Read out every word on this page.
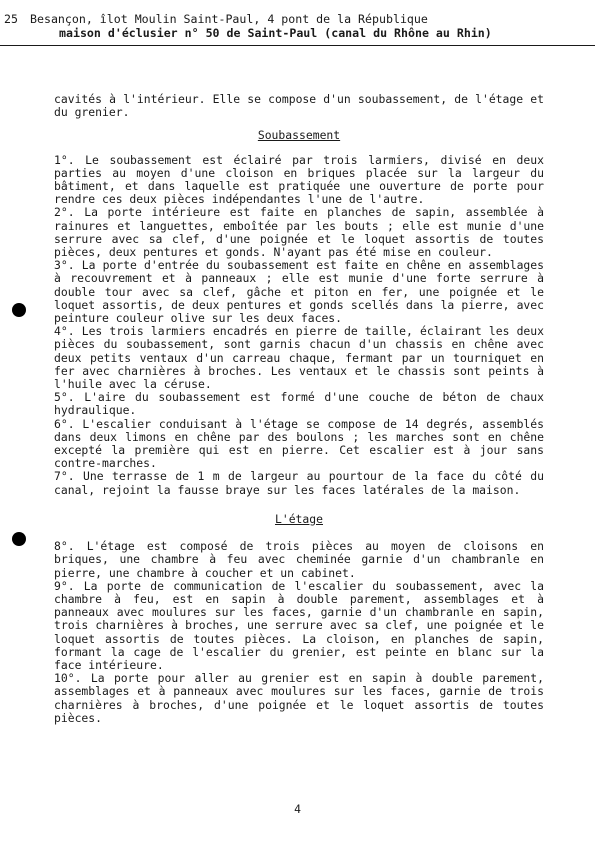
25 Besançon, îlot Moulin Saint-Paul, 4 pont de la République
maison d'éclusier n° 50 de Saint-Paul (canal du Rhône au Rhin)

cavités à l'intérieur. Elle se compose d'un soubassement, de l'étage et du grenier.

Soubassement

1°. Le soubassement est éclairé par trois larmiers, divisé en deux parties au moyen d'une cloison en briques placée sur la largeur du bâtiment, et dans laquelle est pratiquée une ouverture de porte pour rendre ces deux pièces indépendantes l'une de l'autre.

2°. La porte intérieure est faite en planches de sapin, assemblée à rainures et languettes, emboîtée par les bouts ; elle est munie d'une serrure avec sa clef, d'une poignée et le loquet assortis de toutes pièces, deux pentures et gonds. N'ayant pas été mise en couleur.

3°. La porte d'entrée du soubassement est faite en chêne en assemblages à recouvrement et à panneaux ; elle est munie d'une forte serrure à double tour avec sa clef, gâche et piton en fer, une poignée et le loquet assortis, de deux pentures et gonds scellés dans la pierre, avec peinture couleur olive sur les deux faces.

4°. Les trois larmiers encadrés en pierre de taille, éclairant les deux pièces du soubassement, sont garnis chacun d'un chassis en chêne avec deux petits ventaux d'un carreau chaque, fermant par un tourniquet en fer avec charnières à broches. Les ventaux et le chassis sont peints à l'huile avec la céruse.

5°. L'aire du soubassement est formé d'une couche de béton de chaux hydraulique.

6°. L'escalier conduisant à l'étage se compose de 14 degrés, assemblés dans deux limons en chêne par des boulons ; les marches sont en chêne excepté la première qui est en pierre. Cet escalier est à jour sans contre-marches.

7°. Une terrasse de 1 m de largeur au pourtour de la face du côté du canal, rejoint la fausse braye sur les faces latérales de la maison.

L'étage

8°. L'étage est composé de trois pièces au moyen de cloisons en briques, une chambre à feu avec cheminée garnie d'un chambranle en pierre, une chambre à coucher et un cabinet.

9°. La porte de communication de l'escalier du soubassement, avec la chambre à feu, est en sapin à double parement, assemblages et à panneaux avec moulures sur les faces, garnie d'un chambranle en sapin, trois charnières à broches, une serrure avec sa clef, une poignée et le loquet assortis de toutes pièces. La cloison, en planches de sapin, formant la cage de l'escalier du grenier, est peinte en blanc sur la face intérieure.

10°. La porte pour aller au grenier est en sapin à double parement, assemblages et à panneaux avec moulures sur les faces, garnie de trois charnières à broches, d'une poignée et le loquet assortis de toutes pièces.

4
